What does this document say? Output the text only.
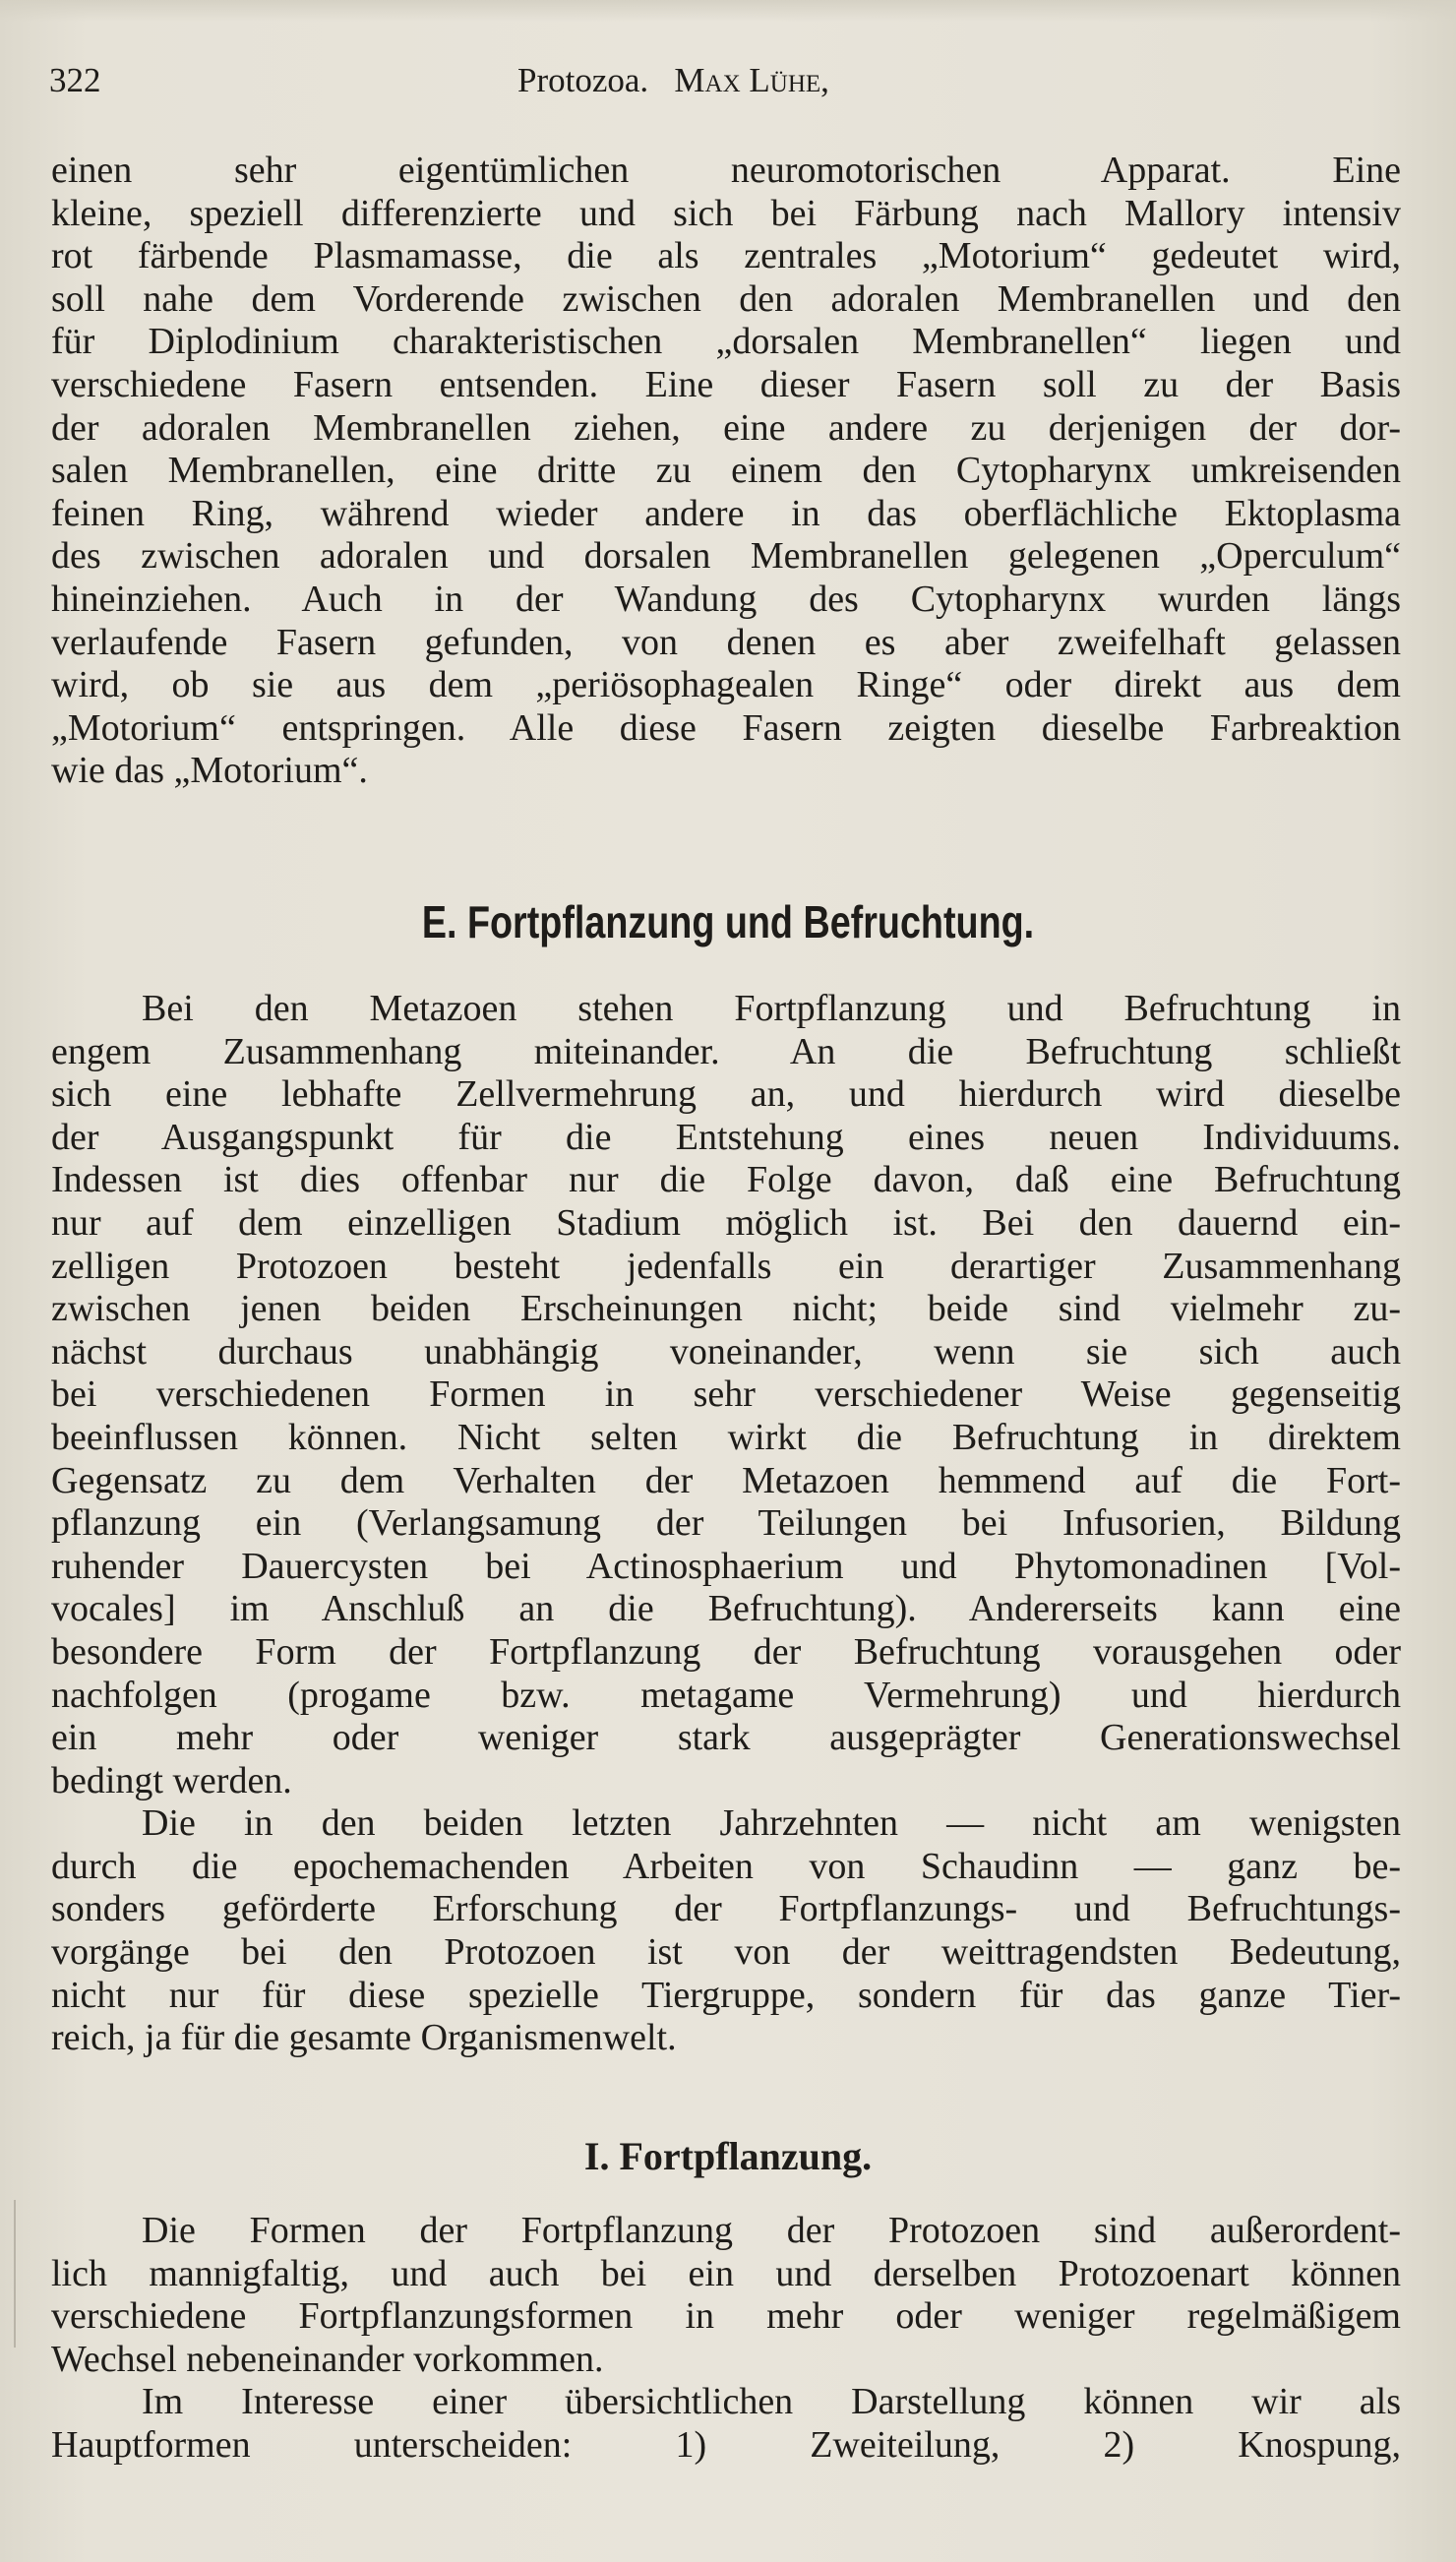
322	Protozoa. Max Lühe,

einen sehr eigentümlichen neuromotorischen Apparat. Eine
kleine, speziell differenzierte und sich bei Färbung nach Mallory intensiv
rot färbende Plasmamasse, die als zentrales „Motorium“ gedeutet wird,
soll nahe dem Vorderende zwischen den adoralen Membranellen und den
für Diplodinium charakteristischen „dorsalen Membranellen“ liegen und
verschiedene Fasern entsenden. Eine dieser Fasern soll zu der Basis
der adoralen Membranellen ziehen, eine andere zu derjenigen der dor-
salen Membranellen, eine dritte zu einem den Cytopharynx umkreisenden
feinen Ring, während wieder andere in das oberflächliche Ektoplasma
des zwischen adoralen und dorsalen Membranellen gelegenen „Operculum“
hineinziehen. Auch in der Wandung des Cytopharynx wurden längs
verlaufende Fasern gefunden, von denen es aber zweifelhaft gelassen
wird, ob sie aus dem „periösophagealen Ringe“ oder direkt aus dem
„Motorium“ entspringen. Alle diese Fasern zeigten dieselbe Farbreaktion
wie das „Motorium“.

E. Fortpflanzung und Befruchtung.

Bei den Metazoen stehen Fortpflanzung und Befruchtung in
engem Zusammenhang miteinander. An die Befruchtung schließt
sich eine lebhafte Zellvermehrung an, und hierdurch wird dieselbe
der Ausgangspunkt für die Entstehung eines neuen Individuums.
Indessen ist dies offenbar nur die Folge davon, daß eine Befruchtung
nur auf dem einzelligen Stadium möglich ist. Bei den dauernd ein-
zelligen Protozoen besteht jedenfalls ein derartiger Zusammenhang
zwischen jenen beiden Erscheinungen nicht; beide sind vielmehr zu-
nächst durchaus unabhängig voneinander, wenn sie sich auch
bei verschiedenen Formen in sehr verschiedener Weise gegenseitig
beeinflussen können. Nicht selten wirkt die Befruchtung in direktem
Gegensatz zu dem Verhalten der Metazoen hemmend auf die Fort-
pflanzung ein (Verlangsamung der Teilungen bei Infusorien, Bildung
ruhender Dauercysten bei Actinosphaerium und Phytomonadinen [Vol-
vocales] im Anschluß an die Befruchtung). Andererseits kann eine
besondere Form der Fortpflanzung der Befruchtung vorausgehen oder
nachfolgen (progame bzw. metagame Vermehrung) und hierdurch
ein mehr oder weniger stark ausgeprägter Generationswechsel
bedingt werden.
Die in den beiden letzten Jahrzehnten — nicht am wenigsten
durch die epochemachenden Arbeiten von Schaudinn — ganz be-
sonders geförderte Erforschung der Fortpflanzungs- und Befruchtungs-
vorgänge bei den Protozoen ist von der weittragendsten Bedeutung,
nicht nur für diese spezielle Tiergruppe, sondern für das ganze Tier-
reich, ja für die gesamte Organismenwelt.

I. Fortpflanzung.

Die Formen der Fortpflanzung der Protozoen sind außerordent-
lich mannigfaltig, und auch bei ein und derselben Protozoenart können
verschiedene Fortpflanzungsformen in mehr oder weniger regelmäßigem
Wechsel nebeneinander vorkommen.
Im Interesse einer übersichtlichen Darstellung können wir als
Hauptformen unterscheiden: 1) Zweiteilung, 2) Knospung,
